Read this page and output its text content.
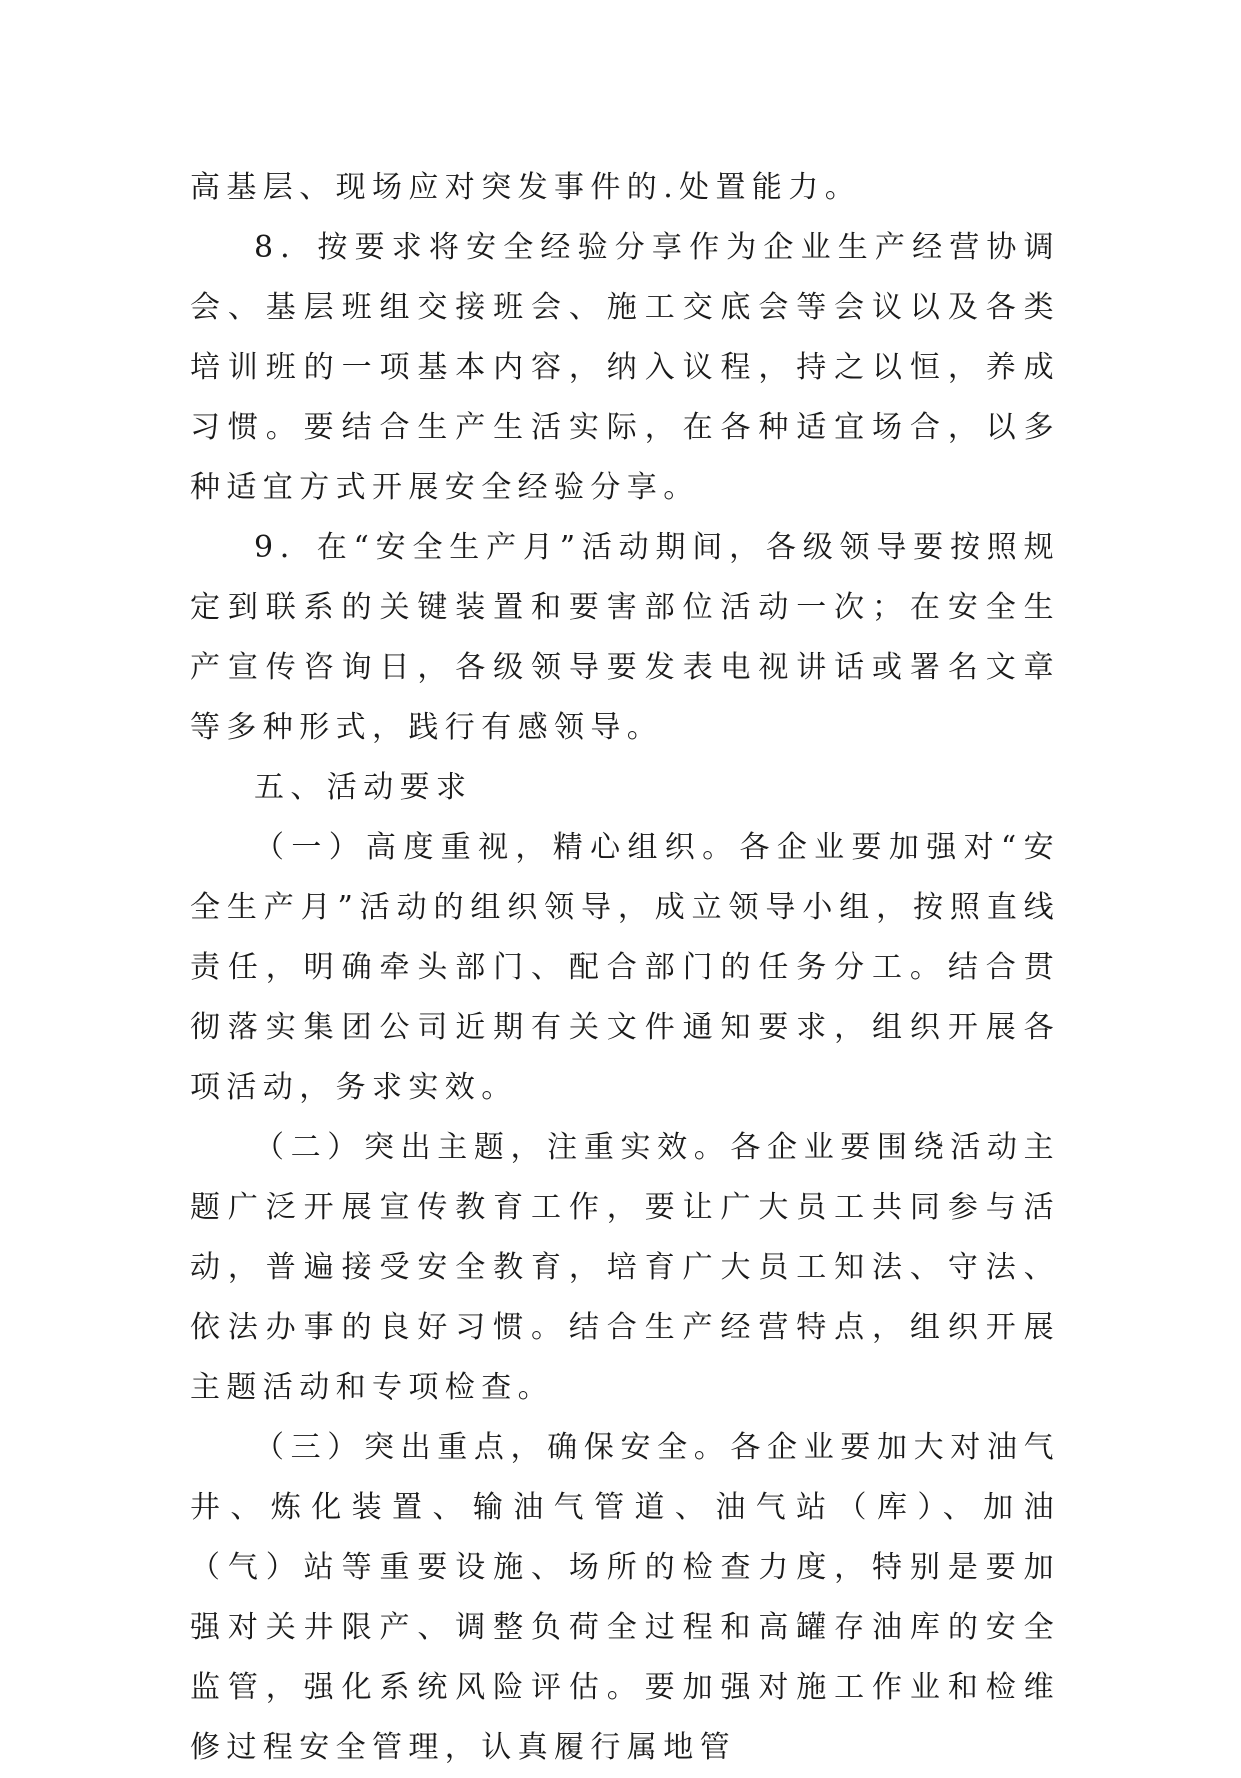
高基层、现场应对突发事件的.处置能力。

8．按要求将安全经验分享作为企业生产经营协调会、基层班组交接班会、施工交底会等会议以及各类培训班的一项基本内容，纳入议程，持之以恒，养成习惯。要结合生产生活实际，在各种适宜场合，以多种适宜方式开展安全经验分享。

9．在“安全生产月”活动期间，各级领导要按照规定到联系的关键装置和要害部位活动一次；在安全生产宣传咨询日，各级领导要发表电视讲话或署名文章等多种形式，践行有感领导。

五、活动要求

（一）高度重视，精心组织。各企业要加强对“安全生产月”活动的组织领导，成立领导小组，按照直线责任，明确牵头部门、配合部门的任务分工。结合贯彻落实集团公司近期有关文件通知要求，组织开展各项活动，务求实效。

（二）突出主题，注重实效。各企业要围绕活动主题广泛开展宣传教育工作，要让广大员工共同参与活动，普遍接受安全教育，培育广大员工知法、守法、依法办事的良好习惯。结合生产经营特点，组织开展主题活动和专项检查。

（三）突出重点，确保安全。各企业要加大对油气井、炼化装置、输油气管道、油气站（库）、加油（气）站等重要设施、场所的检查力度，特别是要加强对关井限产、调整负荷全过程和高罐存油库的安全监管，强化系统风险评估。要加强对施工作业和检维修过程安全管理，认真履行属地管
